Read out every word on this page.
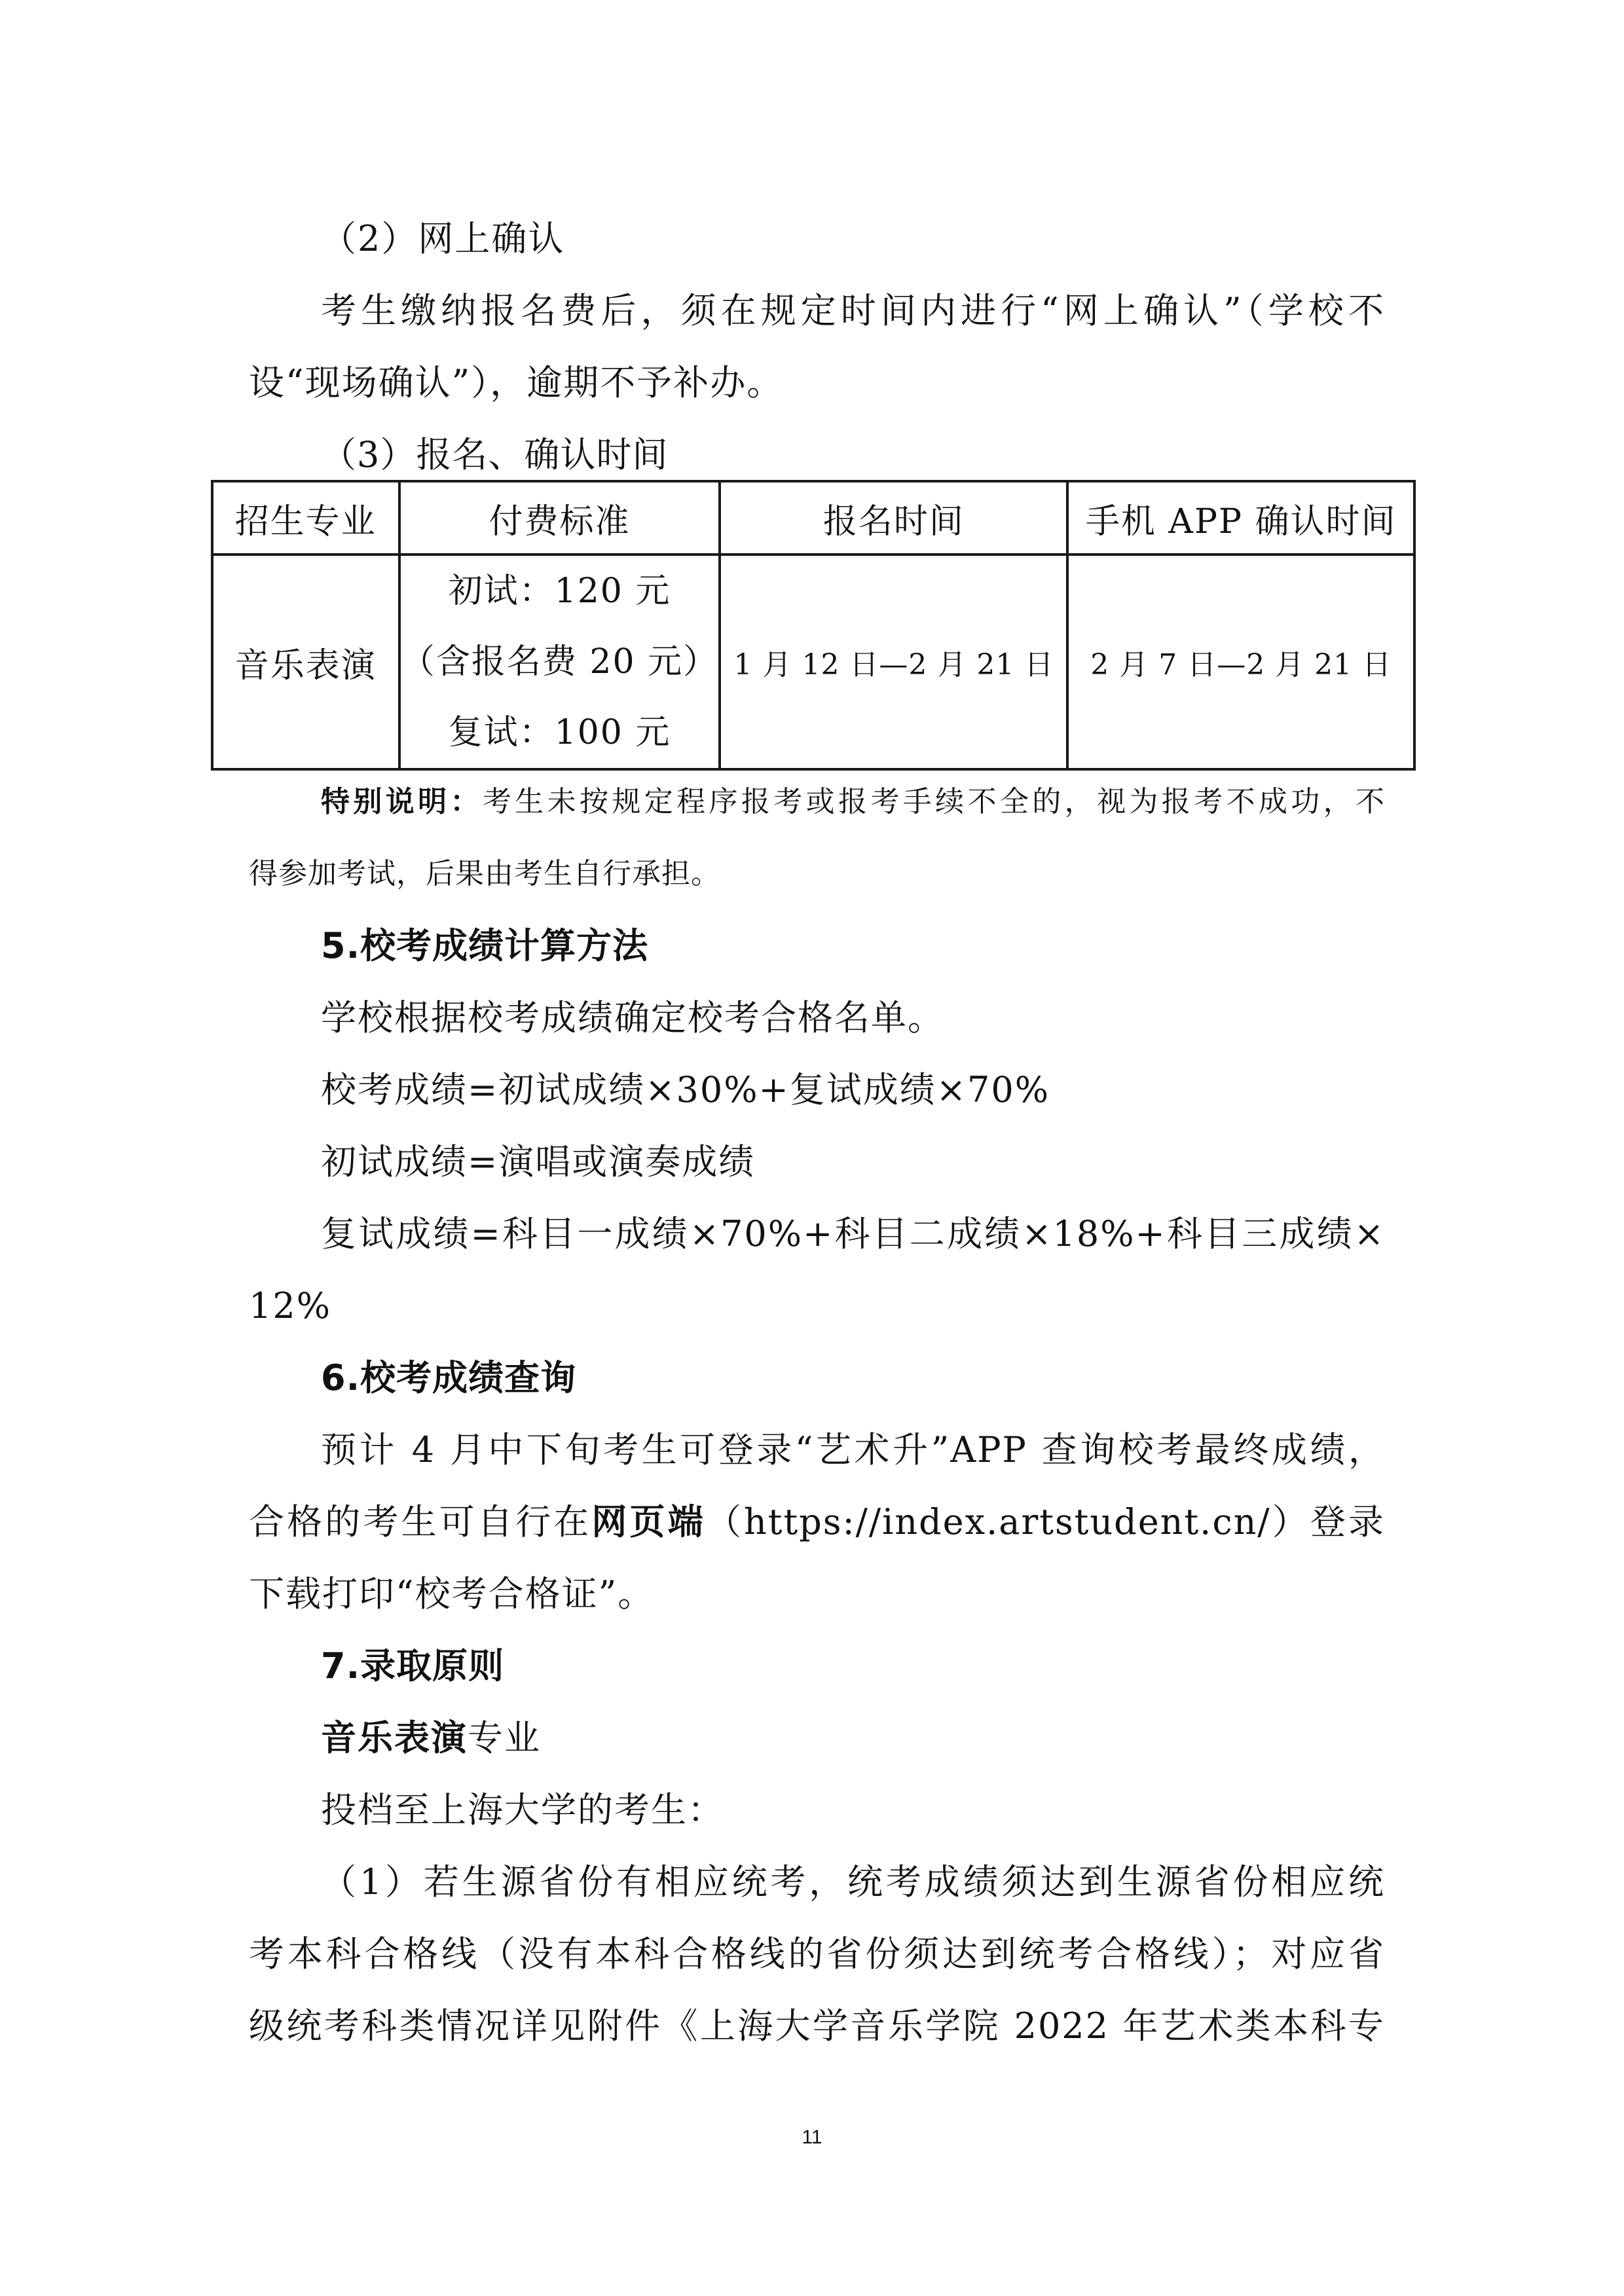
（2）网上确认
考生缴纳报名费后，须在规定时间内进行“网上确认”（学校不
设“现场确认”），逾期不予补办。
（3）报名、确认时间
招生专业	付费标准	报名时间	手机 APP 确认时间
音乐表演	初试：120 元
（含报名费 20 元）
复试：100 元	1 月 12 日—2 月 21 日	2 月 7 日—2 月 21 日
特别说明：考生未按规定程序报考或报考手续不全的，视为报考不成功，不
得参加考试，后果由考生自行承担。
5.校考成绩计算方法
学校根据校考成绩确定校考合格名单。
校考成绩=初试成绩×30%+复试成绩×70%
初试成绩=演唱或演奏成绩
复试成绩=科目一成绩×70%+科目二成绩×18%+科目三成绩×
12%
6.校考成绩查询
预计 4 月中下旬考生可登录“艺术升”APP 查询校考最终成绩，
合格的考生可自行在网页端（https://index.artstudent.cn/）登录
下载打印“校考合格证”。
7.录取原则
音乐表演专业
投档至上海大学的考生：
（1）若生源省份有相应统考，统考成绩须达到生源省份相应统
考本科合格线（没有本科合格线的省份须达到统考合格线）；对应省
级统考科类情况详见附件《上海大学音乐学院 2022 年艺术类本科专
11
